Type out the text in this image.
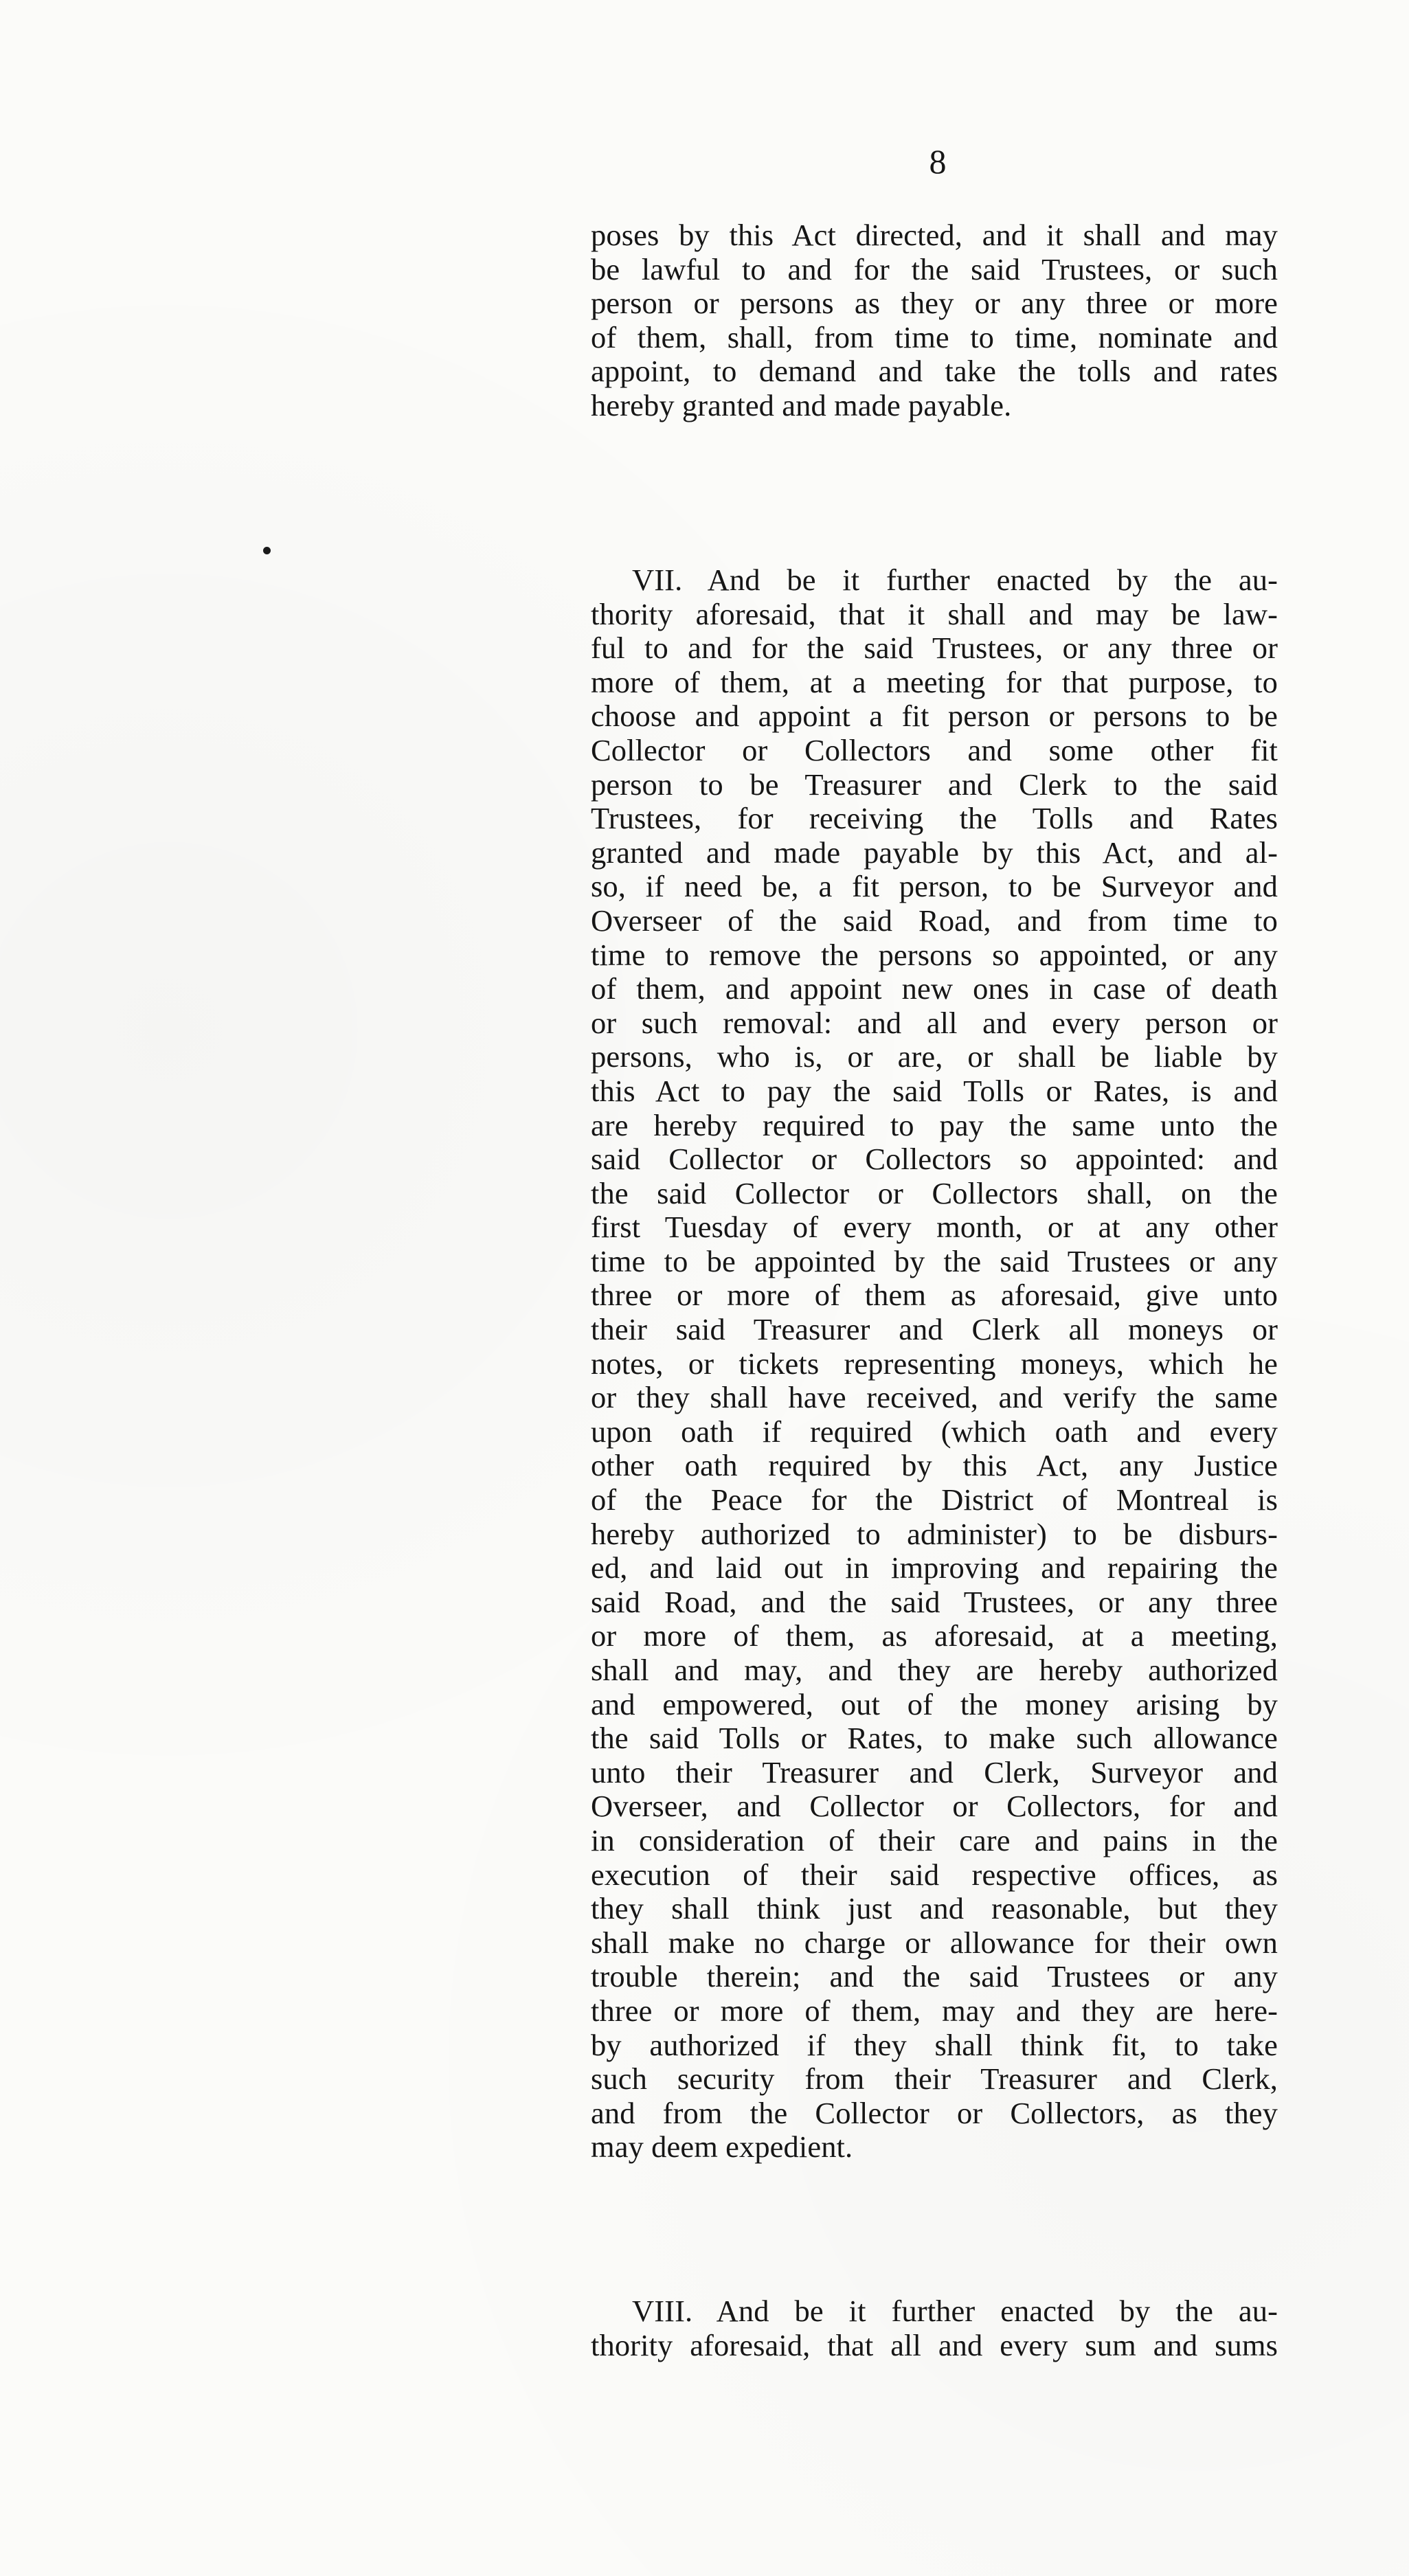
8
poses by this Act directed, and it shall and may
be lawful to and for the said Trustees, or such
person or persons as they or any three or more
of them, shall, from time to time, nominate and
appoint, to demand and take the tolls and rates
hereby granted and made payable.
VII. And be it further enacted by the au-
thority aforesaid, that it shall and may be law-
ful to and for the said Trustees, or any three or
more of them, at a meeting for that purpose, to
choose and appoint a fit person or persons to be
Collector or Collectors and some other fit
person to be Treasurer and Clerk to the said
Trustees, for receiving the Tolls and Rates
granted and made payable by this Act, and al-
so, if need be, a fit person, to be Surveyor and
Overseer of the said Road, and from time to
time to remove the persons so appointed, or any
of them, and appoint new ones in case of death
or such removal: and all and every person or
persons, who is, or are, or shall be liable by
this Act to pay the said Tolls or Rates, is and
are hereby required to pay the same unto the
said Collector or Collectors so appointed: and
the said Collector or Collectors shall, on the
first Tuesday of every month, or at any other
time to be appointed by the said Trustees or any
three or more of them as aforesaid, give unto
their said Treasurer and Clerk all moneys or
notes, or tickets representing moneys, which he
or they shall have received, and verify the same
upon oath if required (which oath and every
other oath required by this Act, any Justice
of the Peace for the District of Montreal is
hereby authorized to administer) to be disburs-
ed, and laid out in improving and repairing the
said Road, and the said Trustees, or any three
or more of them, as aforesaid, at a meeting,
shall and may, and they are hereby authorized
and empowered, out of the money arising by
the said Tolls or Rates, to make such allowance
unto their Treasurer and Clerk, Surveyor and
Overseer, and Collector or Collectors, for and
in consideration of their care and pains in the
execution of their said respective offices, as
they shall think just and reasonable, but they
shall make no charge or allowance for their own
trouble therein; and the said Trustees or any
three or more of them, may and they are here-
by authorized if they shall think fit, to take
such security from their Treasurer and Clerk,
and from the Collector or Collectors, as they
may deem expedient.
VIII. And be it further enacted by the au-
thority aforesaid, that all and every sum and sums
